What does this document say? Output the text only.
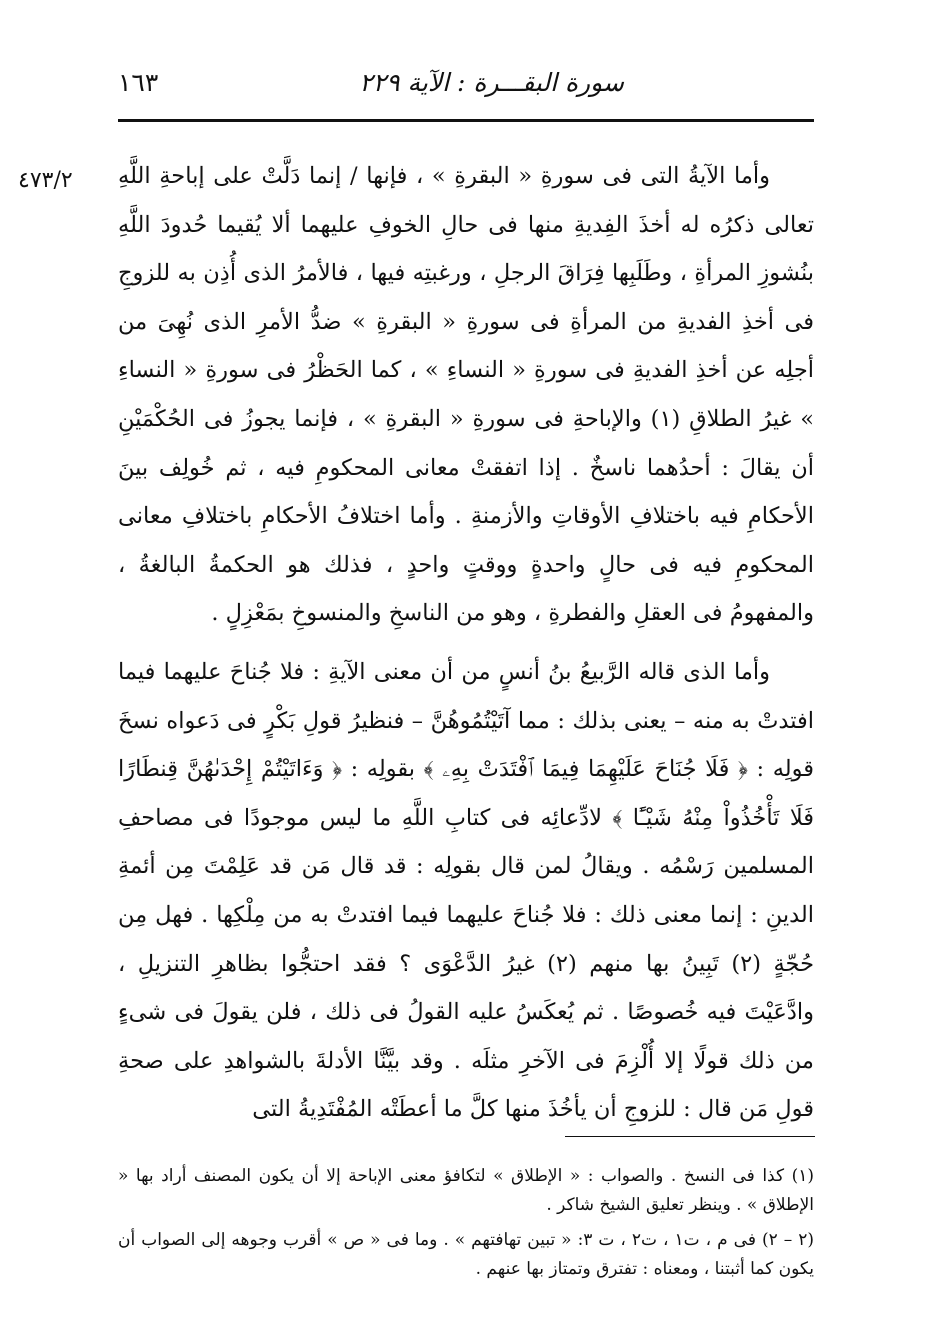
سورة البقـــرة : الآية ٢٢٩
١٦٣
٤٧٣/٢ وأما الآيةُ التى فى سورةِ « البقرةِ » ، فإنها / إنما دَلَّتْ على إباحةِ اللَّهِ تعالى ذكرُه له أخذَ الفِديةِ منها فى حالِ الخوفِ عليهما ألا يُقيما حُدودَ اللَّهِ بنُشوزِ المرأةِ ، وطَلَبِها فِرَاقَ الرجلِ ، ورغبتِه فيها ، فالأمرُ الذى أُذِن به للزوجِ فى أخذِ الفديةِ من المرأةِ فى سورةِ « البقرةِ » ضدُّ الأمرِ الذى نُهِىَ من أجلِه عن أخذِ الفديةِ فى سورةِ « النساءِ » ، كما الحَظْرُ فى سورةِ « النساءِ » غيرُ الطلاقِ (١) والإباحةِ فى سورةِ « البقرةِ » ، فإنما يجوزُ فى الحُكْمَيْنِ أن يقالَ : أحدُهما ناسخٌ . إذا اتفقتْ معانى المحكومِ فيه ، ثم خُولِف بينَ الأحكامِ فيه باختلافِ الأوقاتِ والأزمنةِ . وأما اختلافُ الأحكامِ باختلافِ معانى المحكومِ فيه فى حالٍ واحدةٍ ووقتٍ واحدٍ ، فذلك هو الحكمةُ البالغةُ ، والمفهومُ فى العقلِ والفطرةِ ، وهو من الناسخِ والمنسوخِ بمَعْزِلٍ .

وأما الذى قاله الرَّبيعُ بنُ أنسٍ من أن معنى الآيةِ : فلا جُناحَ عليهما فيما افتدتْ به منه – يعنى بذلك : مما آتَيْتُمُوهُنَّ – فنظيرُ قولِ بَكْرٍ فى دَعواه نسخَ قولِه : ﴿ فَلَا جُنَاحَ عَلَيْهِمَا فِيمَا ٱفْتَدَتْ بِهِۦ ﴾ بقولِه : ﴿ وَءَاتَيْتُمْ إِحْدَىٰهُنَّ قِنطَارًا فَلَا تَأْخُذُواْ مِنْهُ شَيْـًٔا ﴾ لادِّعائِه فى كتابِ اللَّهِ ما ليس موجودًا فى مصاحفِ المسلمين رَسْمُه . ويقالُ لمن قال بقولِه : قد قال مَن قد عَلِمْتَ مِن أئمةِ الدينِ : إنما معنى ذلك : فلا جُناحَ عليهما فيما افتدتْ به من مِلْكِها . فهل مِن حُجّةٍ (٢) تَبِينُ بها منهم (٢) غيرُ الدَّعْوَى ؟ فقد احتجُّوا بظاهرِ التنزيلِ ، وادَّعَيْتَ فيه خُصوصًا . ثم يُعكَسُ عليه القولُ فى ذلك ، فلن يقولَ فى شىءٍ من ذلك قولًا إلا أُلْزِمَ فى الآخرِ مثلَه . وقد بيَّنَّا الأدلةَ بالشواهدِ على صحةِ قولِ مَن قال : للزوجِ أن يأخُذَ منها كلَّ ما أعطَتْه المُفْتَدِيةُ التى

(١) كذا فى النسخ . والصواب : « الإطلاق » لتكافؤ معنى الإباحة إلا أن يكون المصنف أراد بها « الإطلاق » . وينظر تعليق الشيخ شاكر .

(٢ – ٢) فى م ، ت١ ، ت٢ ، ت ٣: « تبين تهافتهم » . وما فى « ص » أقرب وجوهه إلى الصواب أن يكون كما أثبتنا ، ومعناه : تفترق وتمتاز بها عنهم .
